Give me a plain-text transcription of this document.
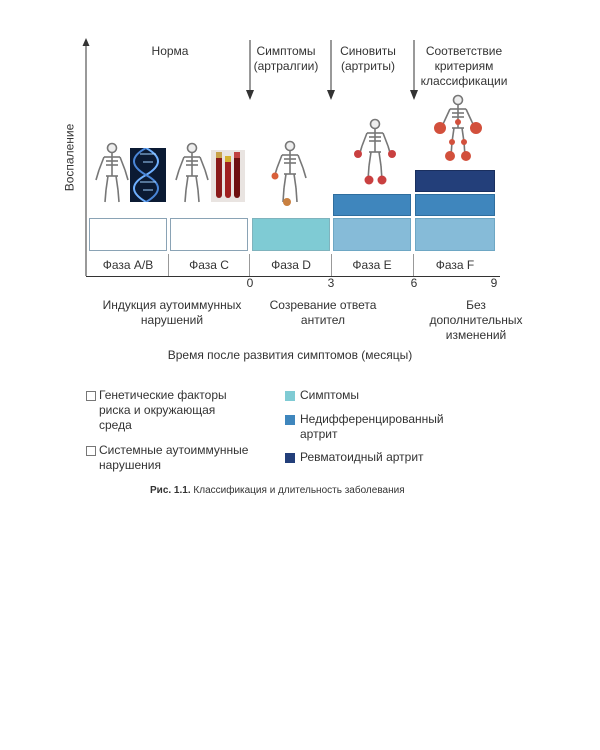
Воспаление
Норма	Симптомы
(артралгии)
Синовиты
(артриты)
Соответствие
критериям
классификации
Фаза A/B	Фаза C	Фаза D	Фаза E	Фаза F
0	3	6	9
Индукция аутоиммунных
нарушений
Созревание ответа
антител
Без
дополнительных
изменений
Время после развития симптомов (месяцы)
Генетические факторы
риска и окружающая
среда
Системные аутоиммунные
нарушения
Симптомы
Недифференцированный
артрит
Ревматоидный артрит
Рис. 1.1. Классификация и длительность заболевания
